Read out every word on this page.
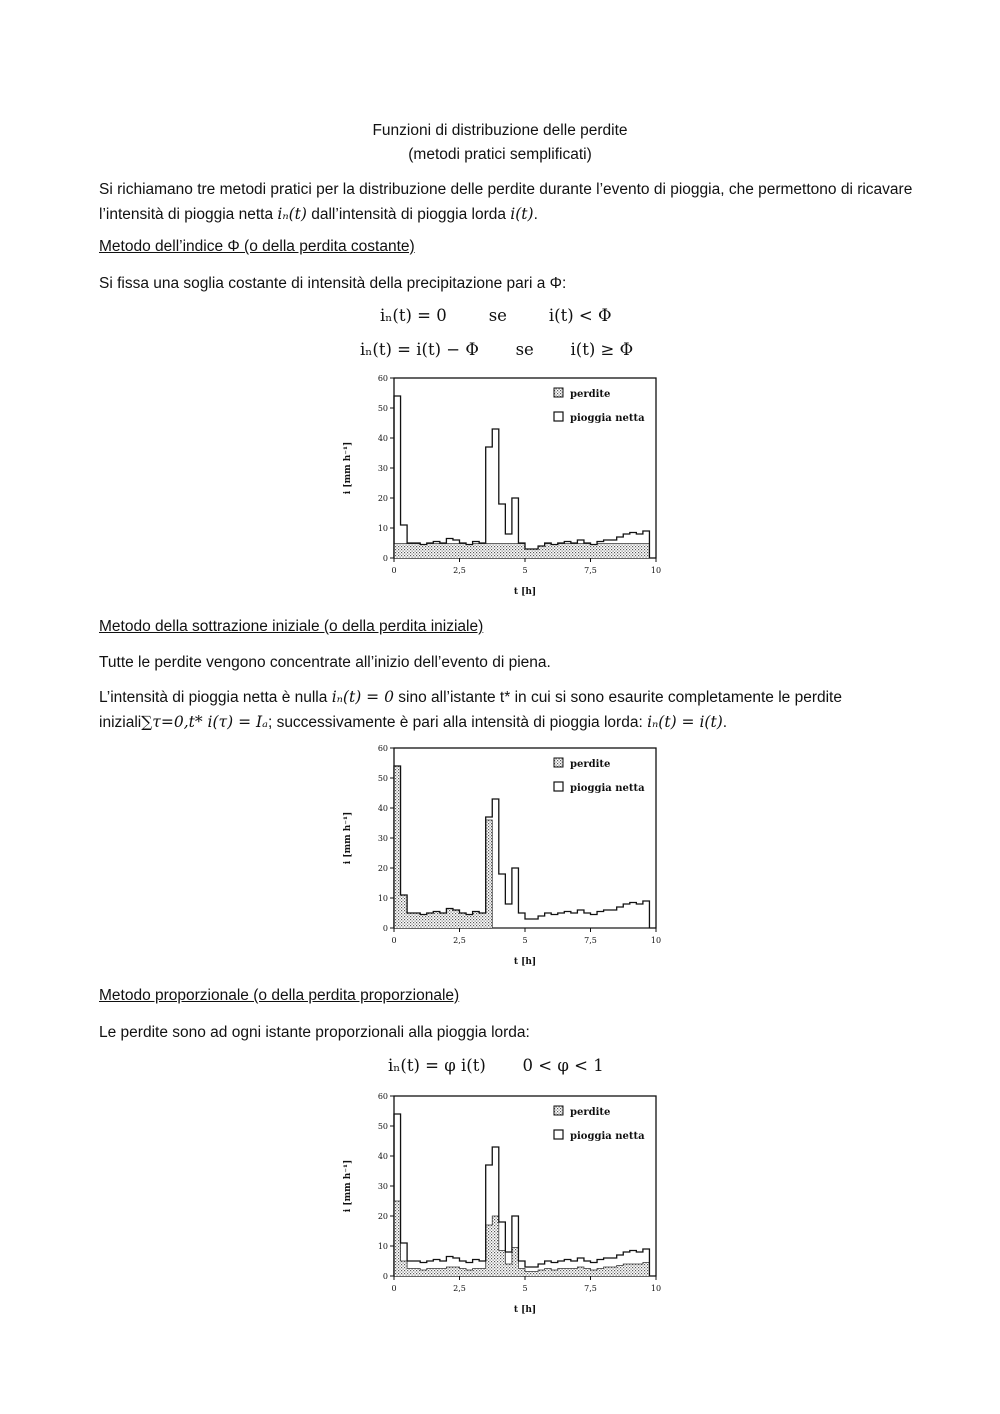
Funzioni di distribuzione delle perdite
(metodi pratici semplificati)
Si richiamano tre metodi pratici per la distribuzione delle perdite durante l’evento di pioggia, che permettono di ricavare l’intensità di pioggia netta iₙ(t) dall’intensità di pioggia lorda i(t).
Metodo dell’indice Φ (o della perdita costante)
Si fissa una soglia costante di intensità della precipitazione pari a Φ:
iₙ(t) = 0        se        i(t) < Φ
iₙ(t) = i(t) − Φ       se       i(t) ≥ Φ
0
10
20
30
40
50
60
0	2,5	5	7,5	10
i [mm h⁻¹]
t [h]
perdite
pioggia netta
Metodo della sottrazione iniziale (o della perdita iniziale)
Tutte le perdite vengono concentrate all’inizio dell’evento di piena.
L’intensità di pioggia netta è nulla iₙ(t) = 0 sino all’istante t* in cui si sono esaurite completamente le perdite iniziali∑τ=0,t* i(τ) = Iₐ; successivamente è pari alla intensità di pioggia lorda: iₙ(t) = i(t).
0
10
20
30
40
50
60
0	2,5	5	7,5	10
i [mm h⁻¹]
t [h]
perdite
pioggia netta
Metodo proporzionale (o della perdita proporzionale)
Le perdite sono ad ogni istante proporzionali alla pioggia lorda:
iₙ(t) = φ i(t)       0 < φ < 1
0
10
20
30
40
50
60
0	2,5	5	7,5	10
i [mm h⁻¹]
t [h]
perdite
pioggia netta
